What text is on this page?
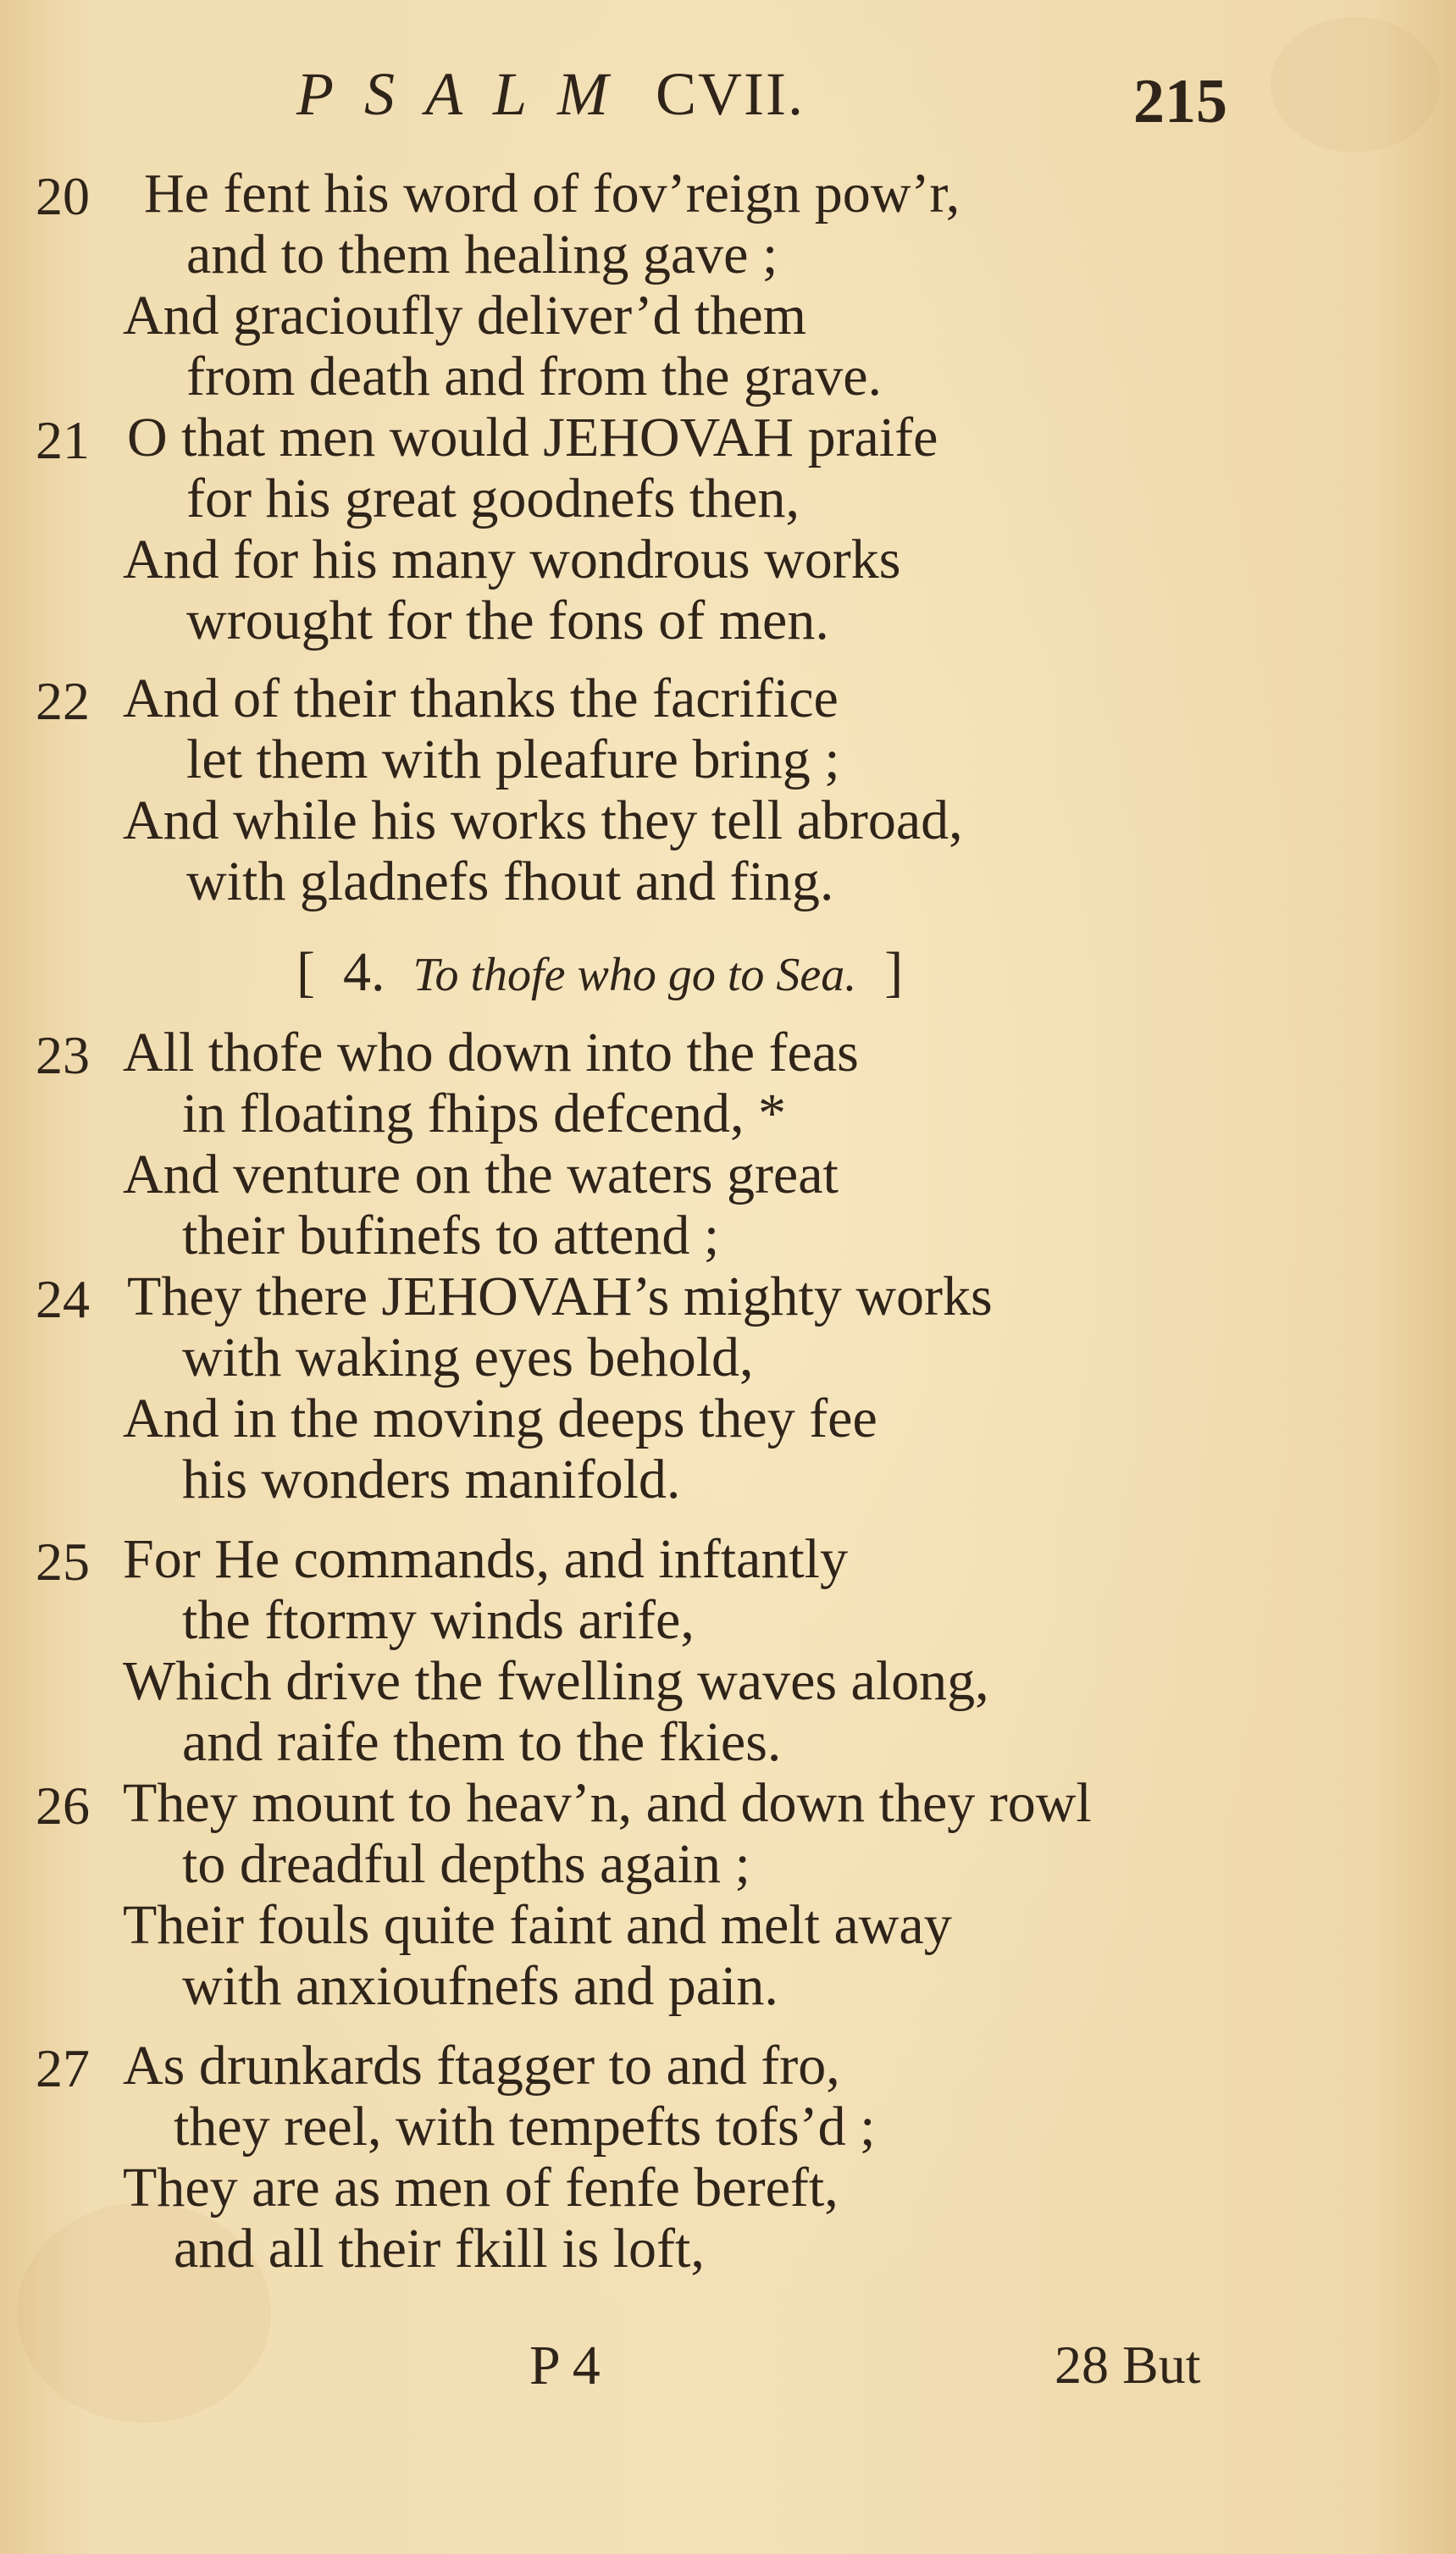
PSALM CVII.	215
20 He fent his word of fov’reign pow’r,
and to them healing gave ;
And gracioufly deliver’d them
from death and from the grave.
21 O that men would JEHOVAH praife
for his great goodnefs then,
And for his many wondrous works
wrought for the fons of men.
22 And of their thanks the facrifice
let them with pleafure bring ;
And while his works they tell abroad,
with gladnefs fhout and fing.
[ 4. To thofe who go to Sea. ]
23 All thofe who down into the feas
in floating fhips defcend, *
And venture on the waters great
their bufinefs to attend ;
24 They there JEHOVAH’s mighty works
with waking eyes behold,
And in the moving deeps they fee
his wonders manifold.
25 For He commands, and inftantly
the ftormy winds arife,
Which drive the fwelling waves along,
and raife them to the fkies.
26 They mount to heav’n, and down they rowl
to dreadful depths again ;
Their fouls quite faint and melt away
with anxioufnefs and pain.
27 As drunkards ftagger to and fro,
they reel, with tempefts tofs’d ;
They are as men of fenfe bereft,
and all their fkill is loft,
P 4	28 But
